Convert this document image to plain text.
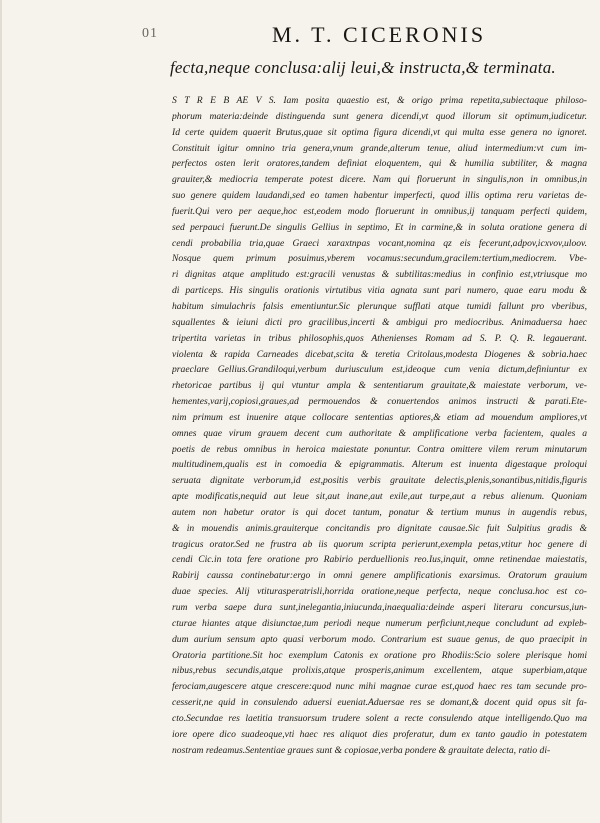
01	M. T. CICERONIS
fecta,neque conclusa:alij leui,& instructa,& terminata.
S T R E B AE V S. Iam posita quaestio est, & origo prima repetita,subiectaque philoso-
phorum materia:deinde distinguenda sunt genera dicendi,vt quod illorum sit optimum,iudicetur.
Id certe quidem quaerit Brutus,quae sit optima figura dicendi,vt qui multa esse genera no ignoret.
Constituit igitur omnino tria genera,vnum grande,alterum tenue, aliud intermedium:vt cum im-
perfectos osten lerit oratores,tandem definiat eloquentem, qui & humilia subtiliter, & magna
grauiter,& mediocria temperate potest dicere. Nam qui floruerunt in singulis,non in omnibus,in
suo genere quidem laudandi,sed eo tamen habentur imperfecti, quod illis optima reru varietas de-
fuerit.Qui vero per aeque,hoc est,eodem modo floruerunt in omnibus,ij tanquam perfecti quidem,
sed perpauci fuerunt.De singulis Gellius in septimo, Et in carmine,& in soluta oratione genera di
cendi probabilia tria,quae Graeci xaraxtnpas vocant,nomina qz eis fecerunt,adpov,icxvov,uloov.
Nosque quem primum posuimus,vberem vocamus:secundum,gracilem:tertium,mediocrem. Vbe-
ri dignitas atque amplitudo est:gracili venustas & subtilitas:medius in confinio est,vtriusque mo
di particeps. His singulis orationis virtutibus vitia agnata sunt pari numero, quae earu modu &
habitum simulachris falsis ementiuntur.Sic plerunque sufflati atque tumidi fallunt pro vberibus,
squallentes & ieiuni dicti pro gracilibus,incerti & ambigui pro mediocribus. Animaduersa haec
tripertita varietas in tribus philosophis,quos Athenienses Romam ad S. P. Q. R. legauerant.
violenta & rapida Carneades dicebat,scita & teretia Critolaus,modesta Diogenes & sobria.haec
praeclare Gellius.Grandiloqui,verbum duriusculum est,ideoque cum venia dictum,definiuntur ex
rhetoricae partibus ij qui vtuntur ampla & sententiarum grauitate,& maiestate verborum, ve-
hementes,varij,copiosi,graues,ad permouendos & conuertendos animos instructi & parati.Ete-
nim primum est inuenire atque collocare sententias aptiores,& etiam ad mouendum ampliores,vt
omnes quae virum grauem decent cum authoritate & amplificatione verba facientem, quales a
poetis de rebus omnibus in heroica maiestate ponuntur. Contra omittere vilem rerum minutarum
multitudinem,qualis est in comoedia & epigrammatis. Alterum est inuenta digestaque proloqui
seruata dignitate verborum,id est,positis verbis grauitate delectis,plenis,sonantibus,nitidis,figuris
apte modificatis,nequid aut leue sit,aut inane,aut exile,aut turpe,aut a rebus alienum. Quoniam
autem non habetur orator is qui docet tantum, ponatur & tertium munus in augendis rebus,
& in mouendis animis.grauiterque concitandis pro dignitate causae.Sic fuit Sulpitius gradis &
tragicus orator.Sed ne frustra ab iis quorum scripta perierunt,exempla petas,vtitur hoc genere di
cendi Cic.in tota fere oratione pro Rabirio perduellionis reo.Ius,inquit, omne retinendae maiestatis,
Rabirij caussa continebatur:ergo in omni genere amplificationis exarsimus. Oratorum grauium
duae species. Alij vtiturasperatrisli,horrida oratione,neque perfecta, neque conclusa.hoc est co-
rum verba saepe dura sunt,inelegantia,iniucunda,inaequalia:deinde asperi literaru concursus,iun-
cturae hiantes atque disiunctae,tum periodi neque numerum perficiunt,neque concludunt ad expleb-
dum aurium sensum apto quasi verborum modo. Contrarium est suaue genus, de quo praecipit in
Oratoria partitione.Sit hoc exemplum Catonis ex oratione pro Rhodiis:Scio solere plerisque homi
nibus,rebus secundis,atque prolixis,atque prosperis,animum excellentem, atque superbiam,atque
ferociam,augescere atque crescere:quod nunc mihi magnae curae est,quod haec res tam secunde pro-
cesserit,ne quid in consulendo aduersi eueniat.Aduersae res se domant,& docent quid opus sit fa-
cto.Secundae res laetitia transuorsum trudere solent a recte consulendo atque intelligendo.Quo ma
iore opere dico suadeoque,vti haec res aliquot dies proferatur, dum ex tanto gaudio in potestatem
nostram redeamus.Sententiae graues sunt & copiosae,verba pondere & grauitate delecta, ratio di-
